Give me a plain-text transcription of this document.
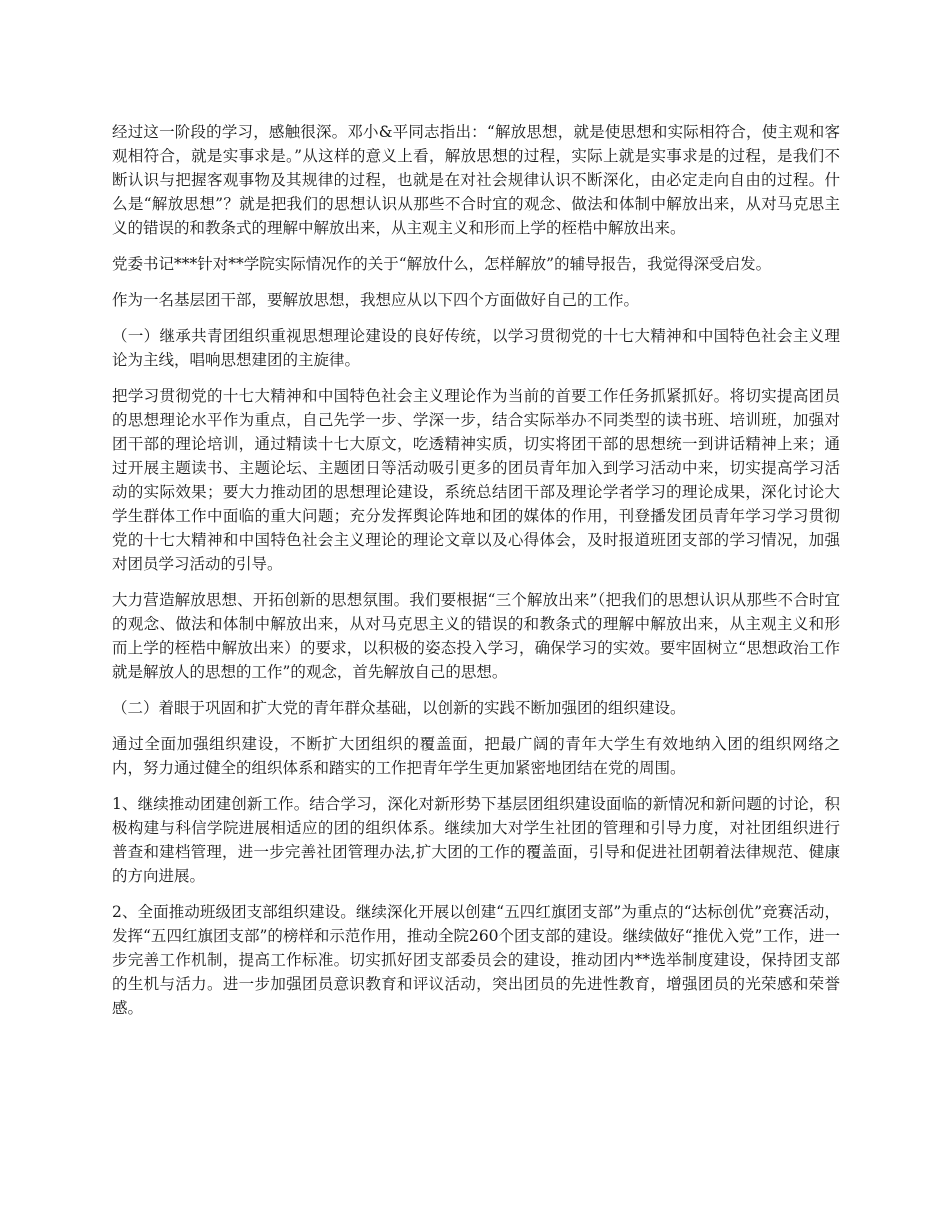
经过这一阶段的学习，感触很深。邓小&平同志指出：“解放思想，就是使思想和实际相符合，使主观和客观相符合，就是实事求是。”从这样的意义上看，解放思想的过程，实际上就是实事求是的过程，是我们不断认识与把握客观事物及其规律的过程，也就是在对社会规律认识不断深化，由必定走向自由的过程。什么是“解放思想”？就是把我们的思想认识从那些不合时宜的观念、做法和体制中解放出来，从对马克思主义的错误的和教条式的理解中解放出来，从主观主义和形而上学的桎梏中解放出来。

党委书记***针对**学院实际情况作的关于“解放什么，怎样解放”的辅导报告，我觉得深受启发。

作为一名基层团干部，要解放思想，我想应从以下四个方面做好自己的工作。

（一）继承共青团组织重视思想理论建设的良好传统，以学习贯彻党的十七大精神和中国特色社会主义理论为主线，唱响思想建团的主旋律。

把学习贯彻党的十七大精神和中国特色社会主义理论作为当前的首要工作任务抓紧抓好。将切实提高团员的思想理论水平作为重点，自己先学一步、学深一步，结合实际举办不同类型的读书班、培训班，加强对团干部的理论培训，通过精读十七大原文，吃透精神实质，切实将团干部的思想统一到讲话精神上来；通过开展主题读书、主题论坛、主题团日等活动吸引更多的团员青年加入到学习活动中来，切实提高学习活动的实际效果；要大力推动团的思想理论建设，系统总结团干部及理论学者学习的理论成果，深化讨论大学生群体工作中面临的重大问题；充分发挥舆论阵地和团的媒体的作用，刊登播发团员青年学习学习贯彻党的十七大精神和中国特色社会主义理论的理论文章以及心得体会，及时报道班团支部的学习情况，加强对团员学习活动的引导。

大力营造解放思想、开拓创新的思想氛围。我们要根据“三个解放出来”（把我们的思想认识从那些不合时宜的观念、做法和体制中解放出来，从对马克思主义的错误的和教条式的理解中解放出来，从主观主义和形而上学的桎梏中解放出来）的要求，以积极的姿态投入学习，确保学习的实效。要牢固树立“思想政治工作就是解放人的思想的工作”的观念，首先解放自己的思想。

（二）着眼于巩固和扩大党的青年群众基础，以创新的实践不断加强团的组织建设。

通过全面加强组织建设，不断扩大团组织的覆盖面，把最广阔的青年大学生有效地纳入团的组织网络之内，努力通过健全的组织体系和踏实的工作把青年学生更加紧密地团结在党的周围。

1、继续推动团建创新工作。结合学习，深化对新形势下基层团组织建设面临的新情况和新问题的讨论，积极构建与科信学院进展相适应的团的组织体系。继续加大对学生社团的管理和引导力度，对社团组织进行普查和建档管理，进一步完善社团管理办法,扩大团的工作的覆盖面，引导和促进社团朝着法律规范、健康的方向进展。

2、全面推动班级团支部组织建设。继续深化开展以创建“五四红旗团支部”为重点的“达标创优”竞赛活动，发挥“五四红旗团支部”的榜样和示范作用，推动全院260个团支部的建设。继续做好“推优入党”工作，进一步完善工作机制，提高工作标准。切实抓好团支部委员会的建设，推动团内**选举制度建设，保持团支部的生机与活力。进一步加强团员意识教育和评议活动，突出团员的先进性教育，增强团员的光荣感和荣誉感。
